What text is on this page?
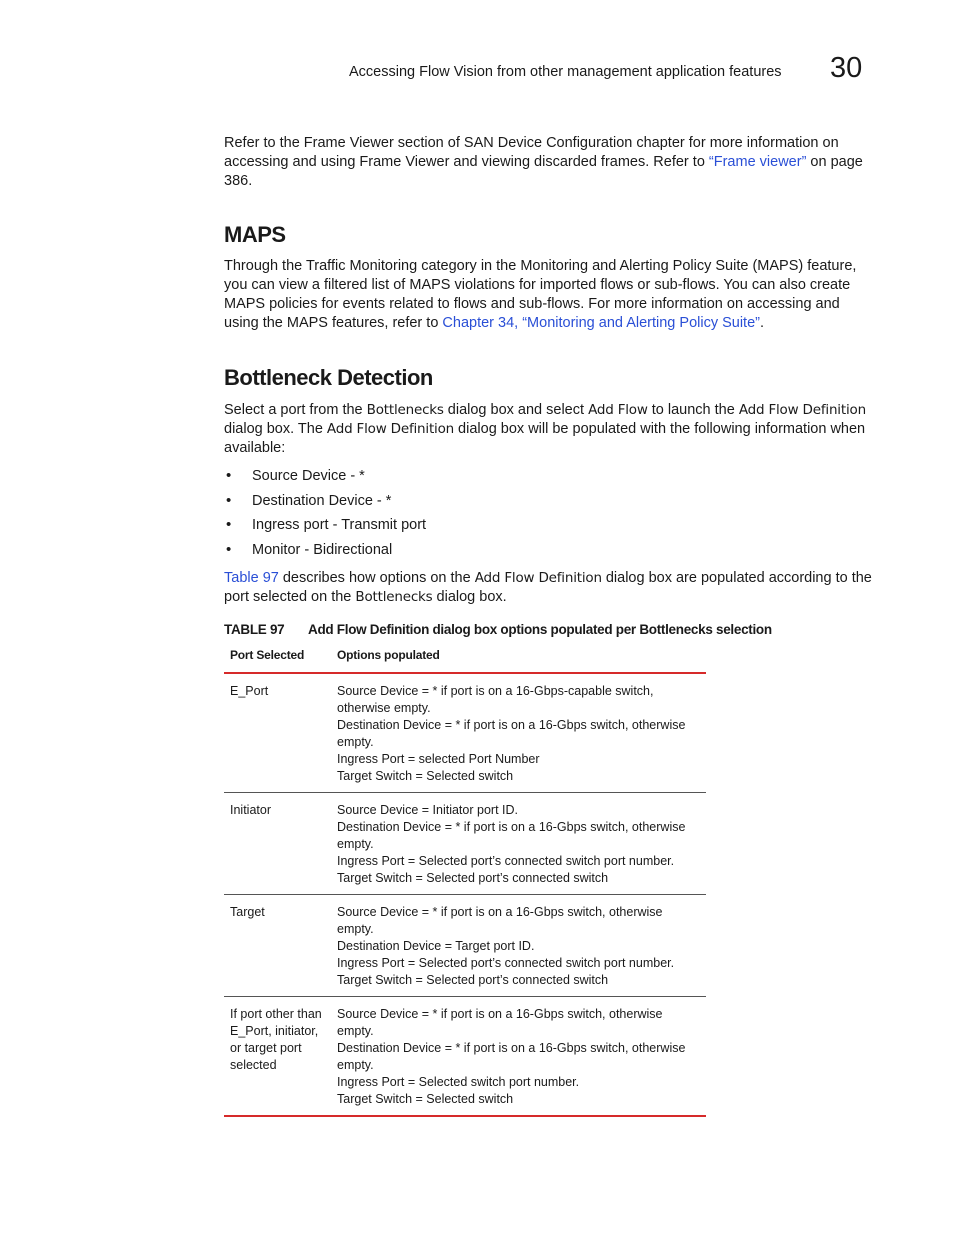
Accessing Flow Vision from other management application features	30

Refer to the Frame Viewer section of SAN Device Configuration chapter for more information on accessing and using Frame Viewer and viewing discarded frames. Refer to “Frame viewer” on page 386.

MAPS

Through the Traffic Monitoring category in the Monitoring and Alerting Policy Suite (MAPS) feature, you can view a filtered list of MAPS violations for imported flows or sub-flows. You can also create MAPS policies for events related to flows and sub-flows. For more information on accessing and using the MAPS features, refer to Chapter 34, “Monitoring and Alerting Policy Suite”.

Bottleneck Detection

Select a port from the Bottlenecks dialog box and select Add Flow to launch the Add Flow Definition dialog box. The Add Flow Definition dialog box will be populated with the following information when available:

• Source Device - *
• Destination Device - *
• Ingress port - Transmit port
• Monitor - Bidirectional

Table 97 describes how options on the Add Flow Definition dialog box are populated according to the port selected on the Bottlenecks dialog box.

TABLE 97 Add Flow Definition dialog box options populated per Bottlenecks selection
Port Selected	Options populated
E_Port	Source Device = * if port is on a 16-Gbps-capable switch, otherwise empty.
Destination Device = * if port is on a 16-Gbps switch, otherwise empty.
Ingress Port = selected Port Number
Target Switch = Selected switch

Initiator	Source Device = Initiator port ID.
Destination Device = * if port is on a 16-Gbps switch, otherwise empty.
Ingress Port = Selected port’s connected switch port number.
Target Switch = Selected port’s connected switch

Target	Source Device = * if port is on a 16-Gbps switch, otherwise empty.
Destination Device = Target port ID.
Ingress Port = Selected port’s connected switch port number.
Target Switch = Selected port’s connected switch

If port other than E_Port, initiator, or target port selected	Source Device = * if port is on a 16-Gbps switch, otherwise empty.
Destination Device = * if port is on a 16-Gbps switch, otherwise empty.
Ingress Port = Selected switch port number.
Target Switch = Selected switch
